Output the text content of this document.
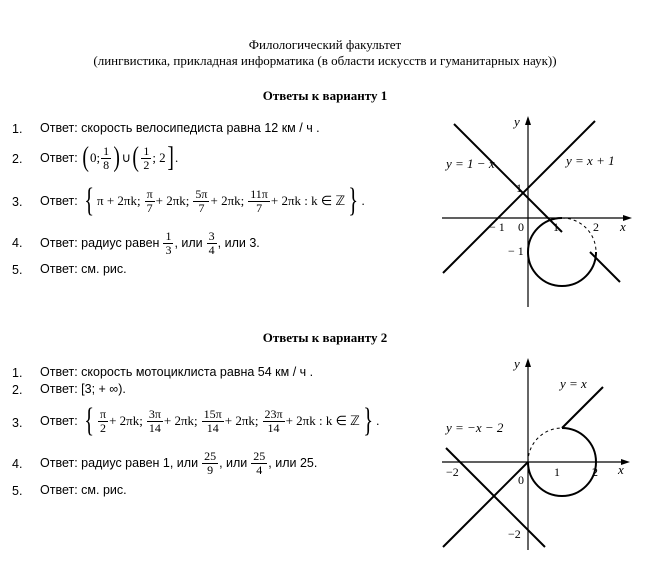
Филологический факультет
(лингвистика, прикладная информатика (в области искусств и гуманитарных наук))
Ответы к варианту 1
1. Ответ: скорость велосипедиста равна 12 км / ч .
2. Ответ: ( 0; $\frac{1}{8}$ ) ∪ ( $\frac{1}{2}$ ; 2 ] .
3. Ответ: { π + 2πk; $\frac{\pi}{7} + 2\pi k$; $\frac{5\pi}{7} + 2\pi k$; $\frac{11\pi}{7} + 2\pi k$ : k ∈ ℤ } .
4. Ответ: радиус равен $\frac{1}{3}$ , или $\frac{3}{4}$ , или 3.
5. Ответ: см. рис.
y
x
y = 1 − x	y = x + 1
− 1 0 1	2
1
− 1
Ответы к варианту 2
1. Ответ: скорость мотоциклиста равна 54 км / ч .
2. Ответ: [3; + ∞).
3. Ответ: { $\frac{\pi}{2} + 2\pi k$; $\frac{3\pi}{14} + 2\pi k$; $\frac{15\pi}{14} + 2\pi k$; $\frac{23\pi}{14} + 2\pi k$ : k ∈ ℤ } .
4. Ответ: радиус равен 1, или $\frac{25}{9}$ , или $\frac{25}{4}$ , или 25.
5. Ответ: см. рис.
y
x
y = x
y = −x − 2
−2
0
1	2
−2
